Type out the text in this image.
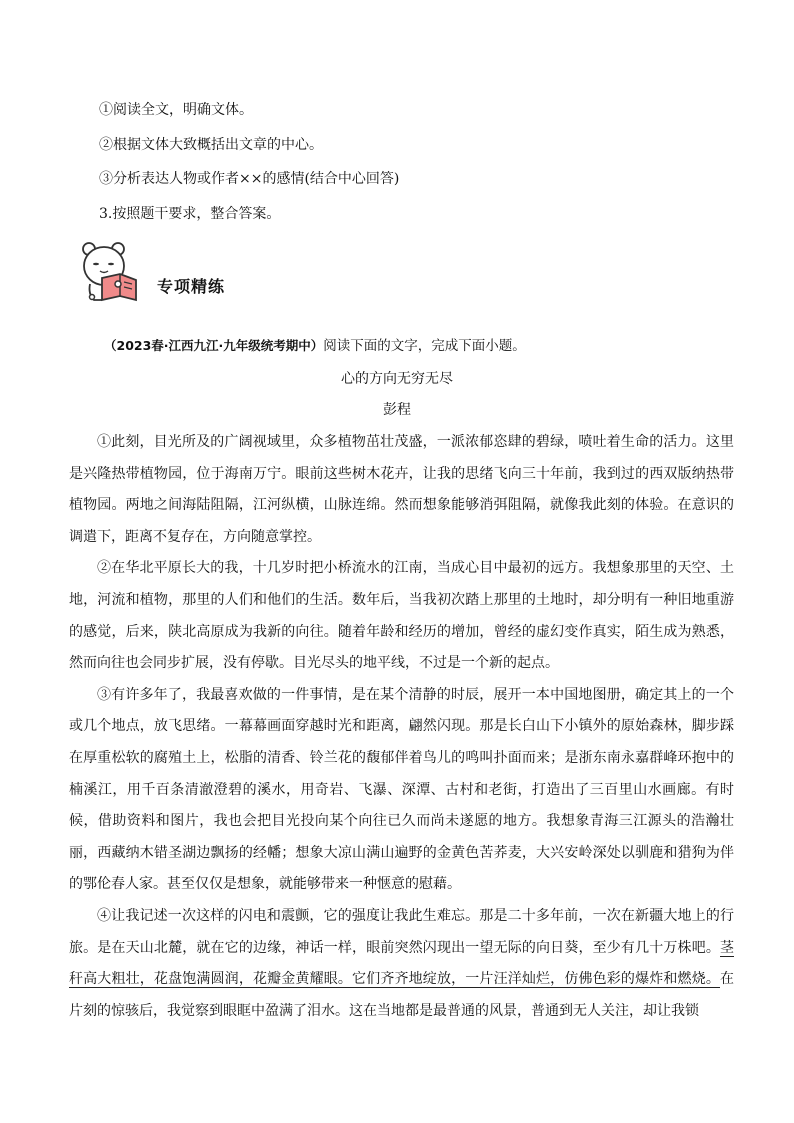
①阅读全文，明确文体。
②根据文体大致概括出文章的中心。
③分析表达人物或作者××的感情(结合中心回答)
3.按照题干要求，整合答案。
专项精练
（2023春·江西九江·九年级统考期中）阅读下面的文字，完成下面小题。
心的方向无穷无尽
彭程

①此刻，目光所及的广阔视域里，众多植物茁壮茂盛，一派浓郁恣肆的碧绿，喷吐着生命的活力。这里是兴隆热带植物园，位于海南万宁。眼前这些树木花卉，让我的思绪飞向三十年前，我到过的西双版纳热带植物园。两地之间海陆阻隔，江河纵横，山脉连绵。然而想象能够消弭阻隔，就像我此刻的体验。在意识的调遣下，距离不复存在，方向随意掌控。

②在华北平原长大的我，十几岁时把小桥流水的江南，当成心目中最初的远方。我想象那里的天空、土地，河流和植物，那里的人们和他们的生活。数年后，当我初次踏上那里的土地时，却分明有一种旧地重游的感觉，后来，陕北高原成为我新的向往。随着年龄和经历的增加，曾经的虚幻变作真实，陌生成为熟悉，然而向往也会同步扩展，没有停歇。目光尽头的地平线，不过是一个新的起点。

③有许多年了，我最喜欢做的一件事情，是在某个清静的时辰，展开一本中国地图册，确定其上的一个或几个地点，放飞思绪。一幕幕画面穿越时光和距离，翩然闪现。那是长白山下小镇外的原始森林，脚步踩在厚重松软的腐殖土上，松脂的清香、铃兰花的馥郁伴着鸟儿的鸣叫扑面而来；是浙东南永嘉群峰环抱中的楠溪江，用千百条清澈澄碧的溪水，用奇岩、飞瀑、深潭、古村和老街，打造出了三百里山水画廊。有时候，借助资料和图片，我也会把目光投向某个向往已久而尚未遂愿的地方。我想象青海三江源头的浩瀚壮丽，西藏纳木错圣湖边飘扬的经幡；想象大凉山满山遍野的金黄色苦荞麦，大兴安岭深处以驯鹿和猎狗为伴的鄂伦春人家。甚至仅仅是想象，就能够带来一种惬意的慰藉。

④让我记述一次这样的闪电和震颤，它的强度让我此生难忘。那是二十多年前，一次在新疆大地上的行旅。是在天山北麓，就在它的边缘，神话一样，眼前突然闪现出一望无际的向日葵，至少有几十万株吧。茎秆高大粗壮，花盘饱满圆润，花瓣金黄耀眼。它们齐齐地绽放，一片汪洋灿烂，仿佛色彩的爆炸和燃烧。在片刻的惊骇后，我觉察到眼眶中盈满了泪水。这在当地都是最普通的风景，普通到无人关注，却让我锁
